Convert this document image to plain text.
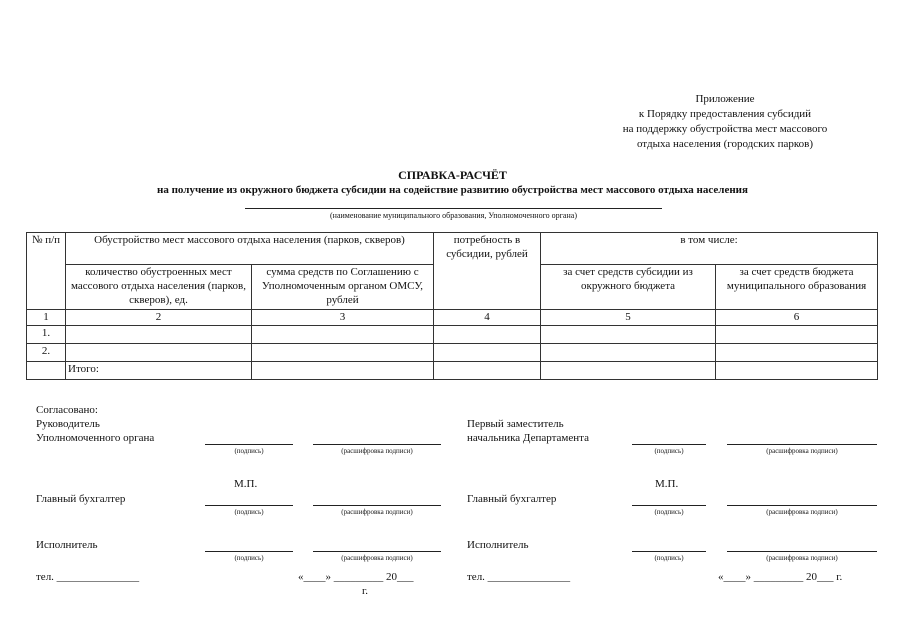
Приложение
к Порядку предоставления субсидий
на поддержку обустройства мест массового
отдыха населения (городских парков)
СПРАВКА-РАСЧЁТ
на получение из окружного бюджета субсидии на содействие развитию обустройства мест массового отдыха населения
(наименование муниципального образования, Уполномоченного органа)
№ п/п	Обустройство мест массового отдыха населения (парков, скверов)		потребность в субсидии, рублей	в том числе:	
	количество обустроенных мест массового отдыха населения (парков, скверов), ед.	сумма средств по Соглашению с Уполномоченным органом ОМСУ, рублей		за счет средств субсидии из окружного бюджета	за счет средств бюджета муниципального образования
1	2	3	4	5	6
1.					
2.					
	Итого:				
Согласовано:
Руководитель
Уполномоченного органа
(подпись)	(расшифровка подписи)
М.П.
Главный бухгалтер
(подпись)	(расшифровка подписи)
Исполнитель
(подпись)	(расшифровка подписи)
тел. _______________	«____» _________ 20___
г.
Первый заместитель
начальника Департамента
(подпись)	(расшифровка подписи)
М.П.
Главный бухгалтер
(подпись)	(расшифровка подписи)
Исполнитель
(подпись)	(расшифровка подписи)
тел. _______________	«____» _________ 20___ г.
